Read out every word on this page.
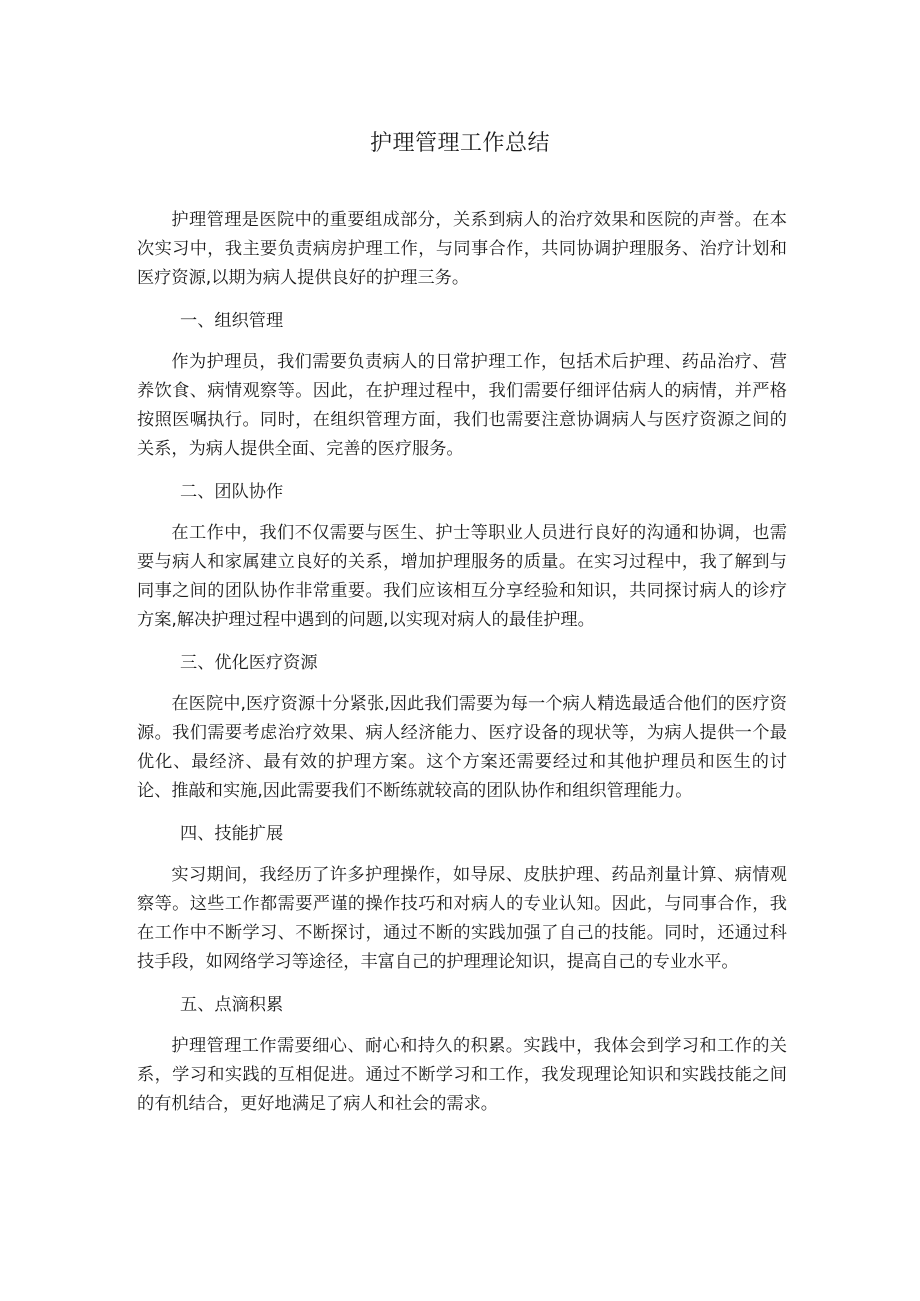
护理管理工作总结

护理管理是医院中的重要组成部分，关系到病人的治疗效果和医院的声誉。在本次实习中，我主要负责病房护理工作，与同事合作，共同协调护理服务、治疗计划和医疗资源,以期为病人提供良好的护理三务。

一、组织管理

作为护理员，我们需要负责病人的日常护理工作，包括术后护理、药品治疗、营养饮食、病情观察等。因此，在护理过程中，我们需要仔细评估病人的病情，并严格按照医嘱执行。同时，在组织管理方面，我们也需要注意协调病人与医疗资源之间的关系，为病人提供全面、完善的医疗服务。

二、团队协作

在工作中，我们不仅需要与医生、护士等职业人员进行良好的沟通和协调，也需要与病人和家属建立良好的关系，增加护理服务的质量。在实习过程中，我了解到与同事之间的团队协作非常重要。我们应该相互分享经验和知识，共同探讨病人的诊疗方案,解决护理过程中遇到的问题,以实现对病人的最佳护理。

三、优化医疗资源

在医院中,医疗资源十分紧张,因此我们需要为每一个病人精选最适合他们的医疗资源。我们需要考虑治疗效果、病人经济能力、医疗设备的现状等，为病人提供一个最优化、最经济、最有效的护理方案。这个方案还需要经过和其他护理员和医生的讨论、推敲和实施,因此需要我们不断练就较高的团队协作和组织管理能力。

四、技能扩展

实习期间，我经历了许多护理操作，如导尿、皮肤护理、药品剂量计算、病情观察等。这些工作都需要严谨的操作技巧和对病人的专业认知。因此，与同事合作，我在工作中不断学习、不断探讨，通过不断的实践加强了自己的技能。同时，还通过科技手段，如网络学习等途径，丰富自己的护理理论知识，提高自己的专业水平。

五、点滴积累

护理管理工作需要细心、耐心和持久的积累。实践中，我体会到学习和工作的关系，学习和实践的互相促进。通过不断学习和工作，我发现理论知识和实践技能之间的有机结合，更好地满足了病人和社会的需求。
